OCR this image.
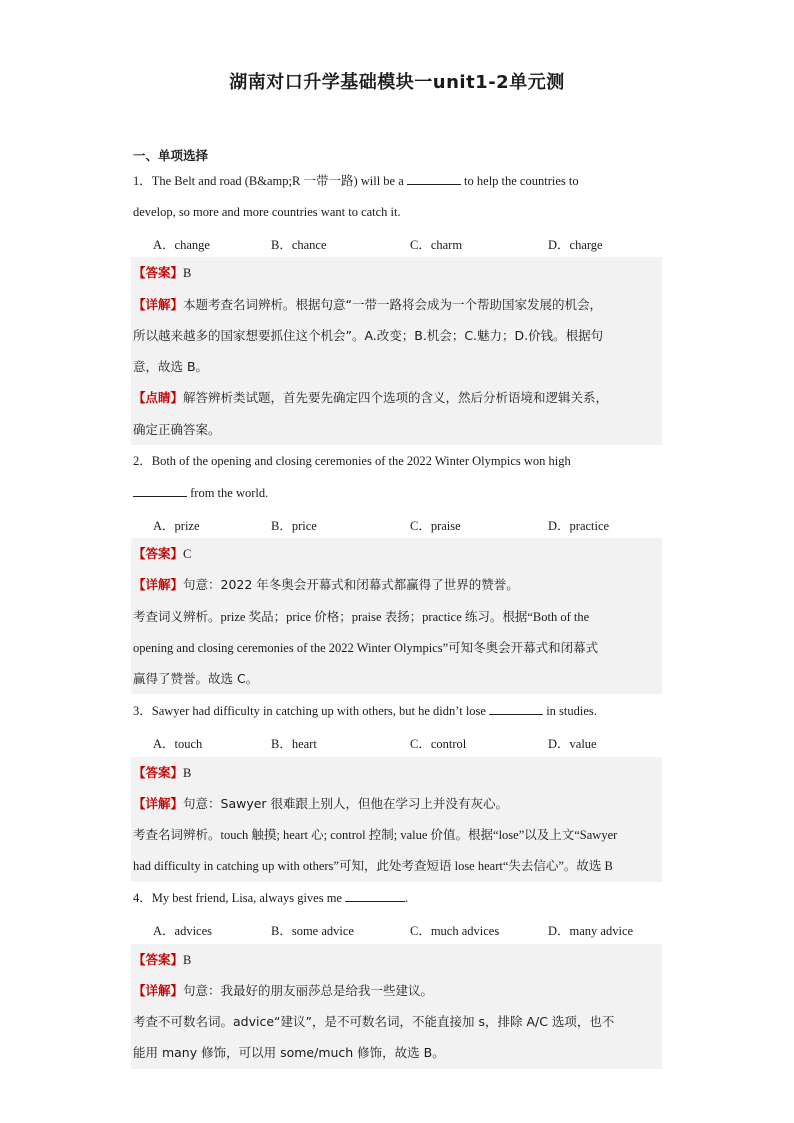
湖南对口升学基础模块一unit1-2单元测
一、单项选择
1．The Belt and road (B&amp;R 一带一路) will be a	to help the countries to
develop, so more and more countries want to catch it.
A．change	B．chance	C．charm	D．charge
【答案】B
【详解】本题考查名词辨析。根据句意“一带一路将会成为一个帮助国家发展的机会，
所以越来越多的国家想要抓住这个机会”。A.改变；B.机会；C.魅力；D.价钱。根据句
意，故选 B。
【点睛】解答辨析类试题，首先要先确定四个选项的含义，然后分析语境和逻辑关系，
确定正确答案。
2．Both of the opening and closing ceremonies of the 2022 Winter Olympics won high
from the world.
A．prize	B．price	C．praise	D．practice
【答案】C
【详解】句意：2022 年冬奥会开幕式和闭幕式都赢得了世界的赞誉。
考查词义辨析。prize 奖品；price 价格；praise 表扬；practice 练习。根据“Both of the
opening and closing ceremonies of the 2022 Winter Olympics”可知冬奥会开幕式和闭幕式
赢得了赞誉。故选 C。
3．Sawyer had difficulty in catching up with others, but he didn’t lose	in studies.
A．touch	B．heart	C．control	D．value
【答案】B
【详解】句意：Sawyer 很难跟上别人，但他在学习上并没有灰心。
考查名词辨析。touch 触摸; heart 心; control 控制; value 价值。根据“lose”以及上文“Sawyer
had difficulty in catching up with others”可知，此处考查短语 lose heart“失去信心”。故选 B
4．My best friend, Lisa, always gives me	.
A．advices	B．some advice	C．much advices	D．many advice
【答案】B
【详解】句意：我最好的朋友丽莎总是给我一些建议。
考查不可数名词。advice“建议”，是不可数名词，不能直接加 s，排除 A/C 选项，也不
能用 many 修饰，可以用 some/much 修饰，故选 B。
